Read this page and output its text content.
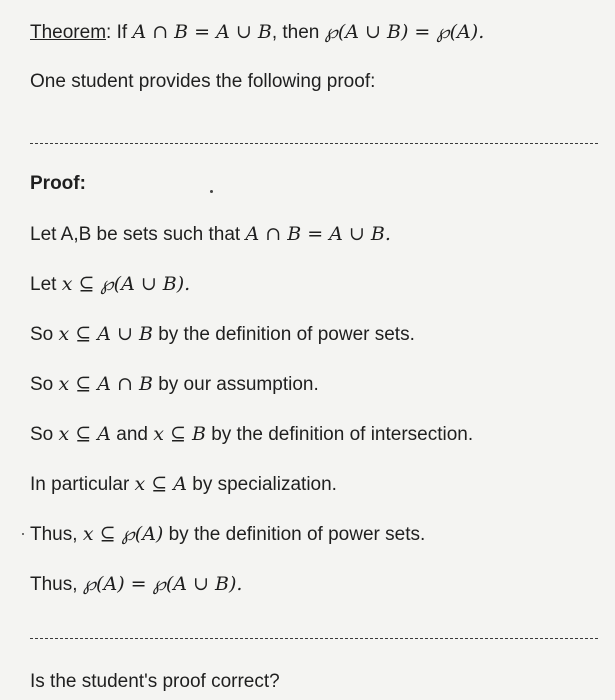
Theorem: If A ∩ B = A ∪ B, then ℘(A ∪ B) = ℘(A).
One student provides the following proof:
Proof:
Let A,B be sets such that A ∩ B = A ∪ B.
Let x ⊆ ℘(A ∪ B).
So x ⊆ A ∪ B by the definition of power sets.
So x ⊆ A ∩ B by our assumption.
So x ⊆ A and x ⊆ B by the definition of intersection.
In particular x ⊆ A by specialization.
Thus, x ⊆ ℘(A) by the definition of power sets.
Thus, ℘(A) = ℘(A ∪ B).
Is the student's proof correct?
